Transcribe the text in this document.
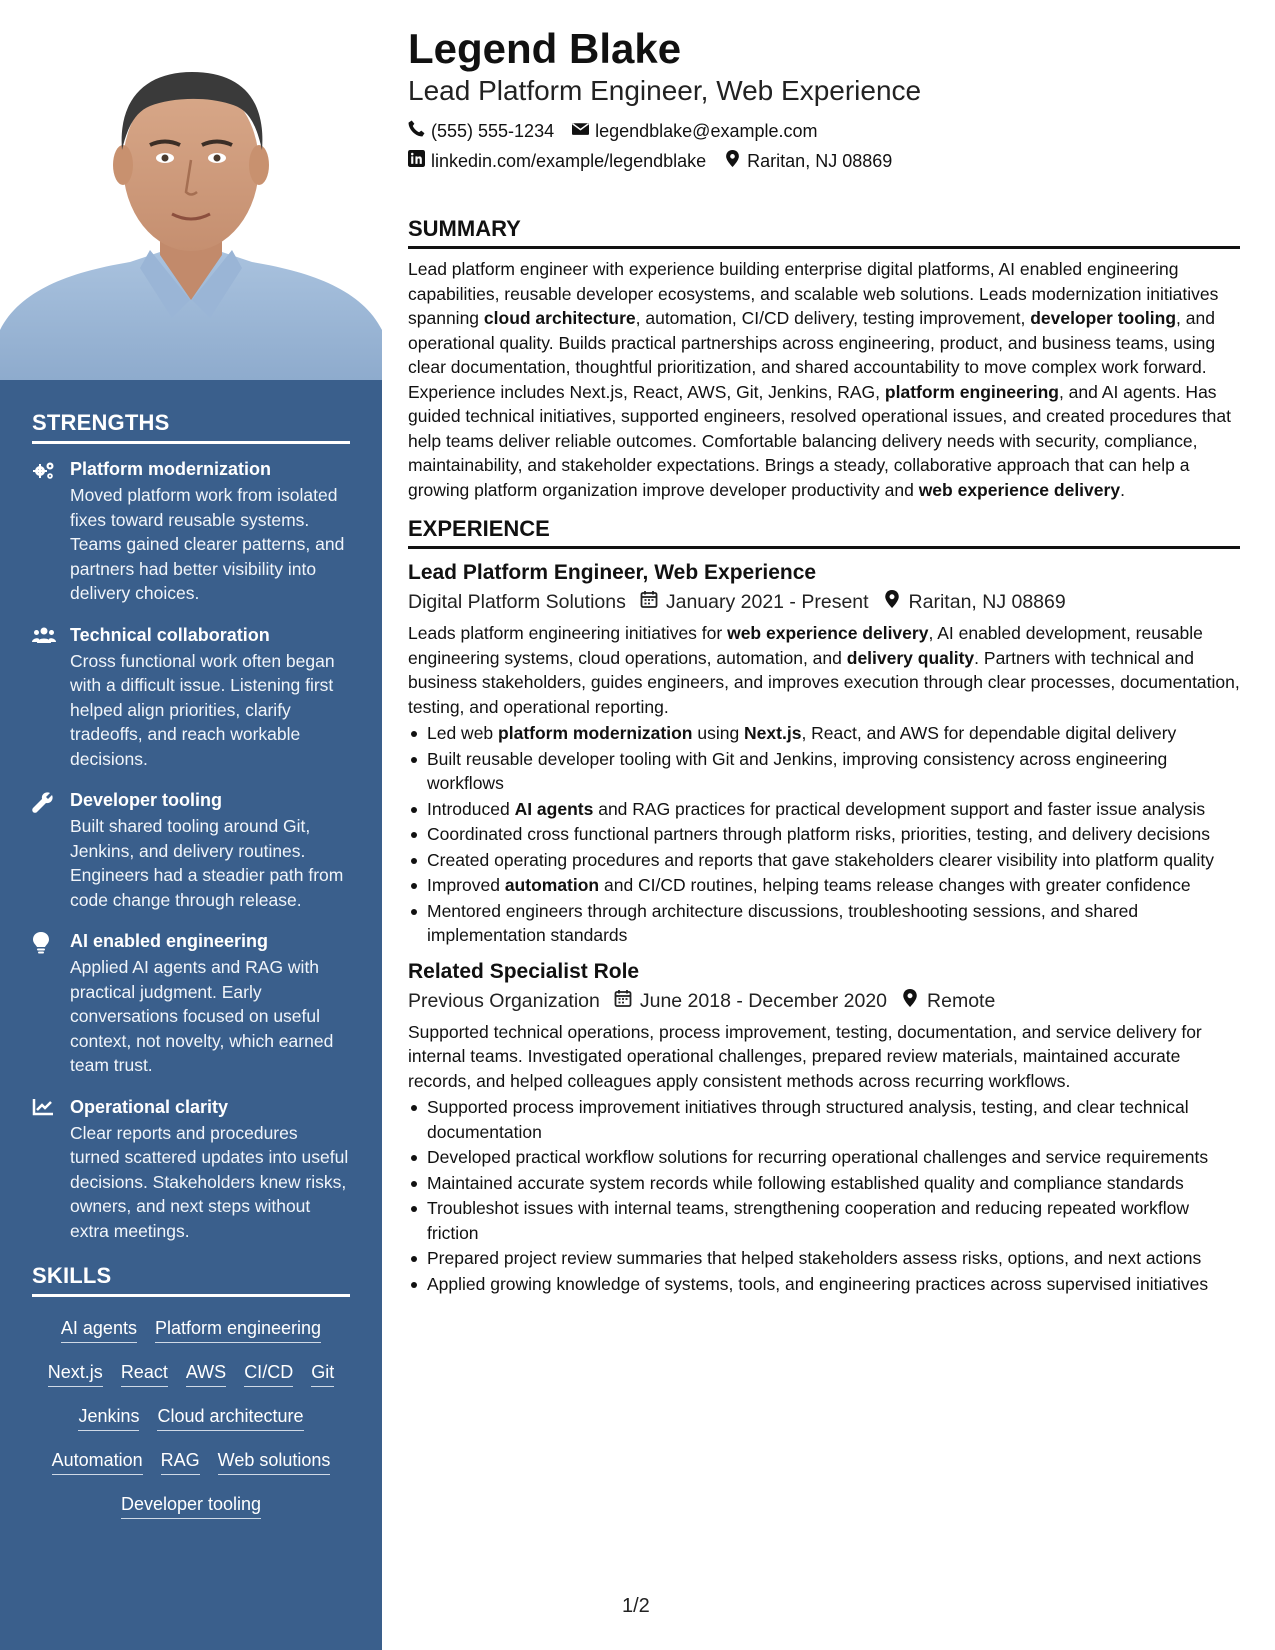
STRENGTHS
Platform modernization
Moved platform work from isolated fixes toward reusable systems. Teams gained clearer patterns, and partners had better visibility into delivery choices.
Technical collaboration
Cross functional work often began with a difficult issue. Listening first helped align priorities, clarify tradeoffs, and reach workable decisions.
Developer tooling
Built shared tooling around Git, Jenkins, and delivery routines. Engineers had a steadier path from code change through release.
AI enabled engineering
Applied AI agents and RAG with practical judgment. Early conversations focused on useful context, not novelty, which earned team trust.
Operational clarity
Clear reports and procedures turned scattered updates into useful decisions. Stakeholders knew risks, owners, and next steps without extra meetings.
SKILLS
AI agents Platform engineering
Next.js React AWS CI/CD Git
Jenkins Cloud architecture
Automation RAG Web solutions
Developer tooling
Legend Blake
Lead Platform Engineer, Web Experience
(555) 555-1234 legendblake@example.com
linkedin.com/example/legendblake Raritan, NJ 08869
SUMMARY
Lead platform engineer with experience building enterprise digital platforms, AI enabled engineering capabilities, reusable developer ecosystems, and scalable web solutions. Leads modernization initiatives spanning cloud architecture, automation, CI/CD delivery, testing improvement, developer tooling, and operational quality. Builds practical partnerships across engineering, product, and business teams, using clear documentation, thoughtful prioritization, and shared accountability to move complex work forward. Experience includes Next.js, React, AWS, Git, Jenkins, RAG, platform engineering, and AI agents. Has guided technical initiatives, supported engineers, resolved operational issues, and created procedures that help teams deliver reliable outcomes. Comfortable balancing delivery needs with security, compliance, maintainability, and stakeholder expectations. Brings a steady, collaborative approach that can help a growing platform organization improve developer productivity and web experience delivery.
EXPERIENCE
Lead Platform Engineer, Web Experience
Digital Platform Solutions January 2021 - Present Raritan, NJ 08869
Leads platform engineering initiatives for web experience delivery, AI enabled development, reusable engineering systems, cloud operations, automation, and delivery quality. Partners with technical and business stakeholders, guides engineers, and improves execution through clear processes, documentation, testing, and operational reporting.
Led web platform modernization using Next.js, React, and AWS for dependable digital delivery
Built reusable developer tooling with Git and Jenkins, improving consistency across engineering workflows
Introduced AI agents and RAG practices for practical development support and faster issue analysis
Coordinated cross functional partners through platform risks, priorities, testing, and delivery decisions
Created operating procedures and reports that gave stakeholders clearer visibility into platform quality
Improved automation and CI/CD routines, helping teams release changes with greater confidence
Mentored engineers through architecture discussions, troubleshooting sessions, and shared implementation standards
Related Specialist Role
Previous Organization June 2018 - December 2020 Remote
Supported technical operations, process improvement, testing, documentation, and service delivery for internal teams. Investigated operational challenges, prepared review materials, maintained accurate records, and helped colleagues apply consistent methods across recurring workflows.
Supported process improvement initiatives through structured analysis, testing, and clear technical documentation
Developed practical workflow solutions for recurring operational challenges and service requirements
Maintained accurate system records while following established quality and compliance standards
Troubleshot issues with internal teams, strengthening cooperation and reducing repeated workflow friction
Prepared project review summaries that helped stakeholders assess risks, options, and next actions
Applied growing knowledge of systems, tools, and engineering practices across supervised initiatives
1/2
